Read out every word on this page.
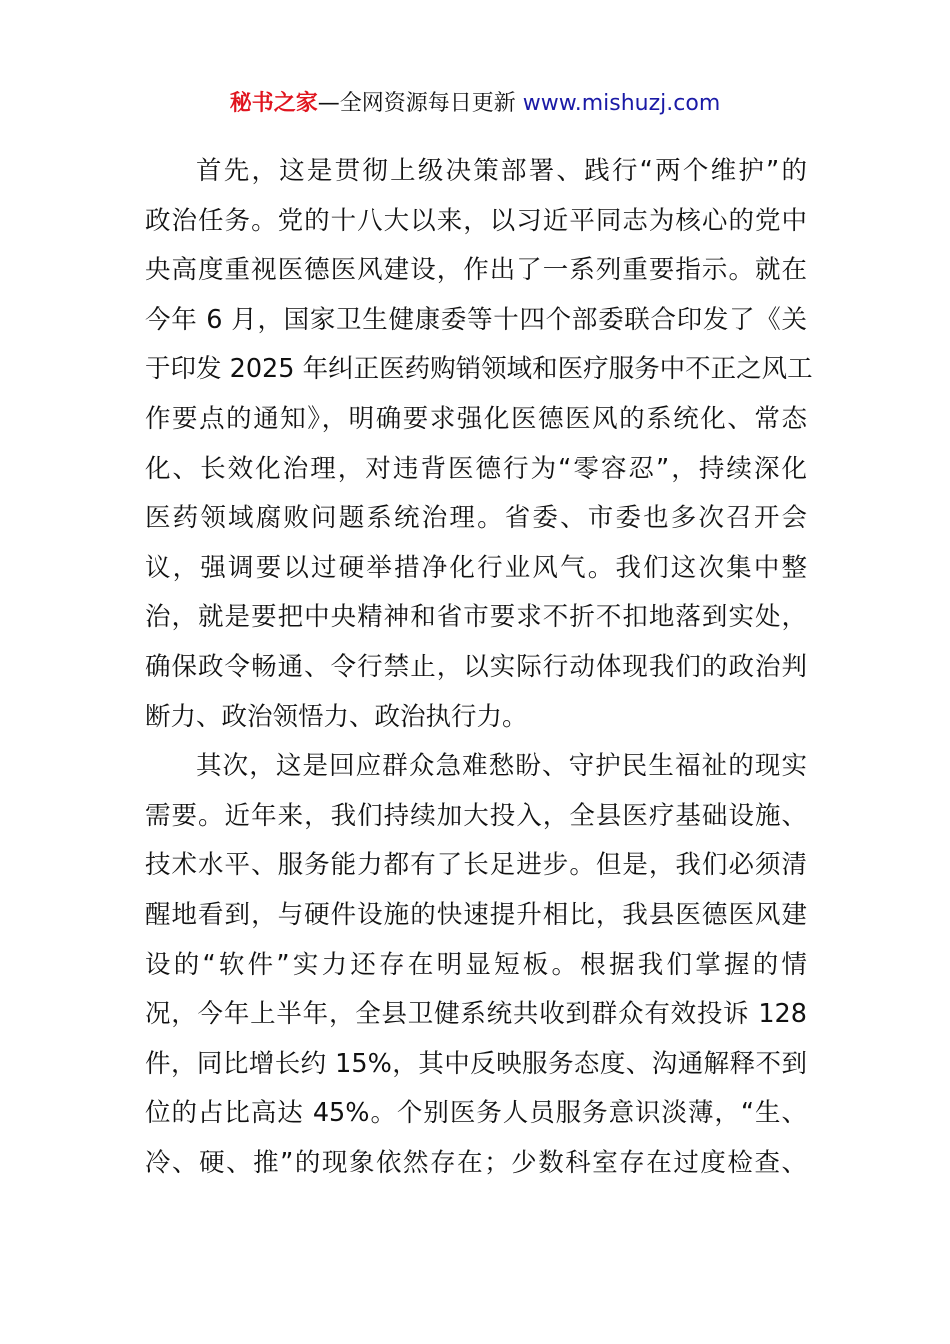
秘书之家—全网资源每日更新 www.mishuzj.com
首先，这是贯彻上级决策部署、践行“两个维护”的
政治任务。党的十八大以来，以习近平同志为核心的党中
央高度重视医德医风建设，作出了一系列重要指示。就在
今年 6 月，国家卫生健康委等十四个部委联合印发了《关
于印发 2025 年纠正医药购销领域和医疗服务中不正之风工
作要点的通知》，明确要求强化医德医风的系统化、常态
化、长效化治理，对违背医德行为“零容忍”，持续深化
医药领域腐败问题系统治理。省委、市委也多次召开会
议，强调要以过硬举措净化行业风气。我们这次集中整
治，就是要把中央精神和省市要求不折不扣地落到实处，
确保政令畅通、令行禁止，以实际行动体现我们的政治判
断力、政治领悟力、政治执行力。
其次，这是回应群众急难愁盼、守护民生福祉的现实
需要。近年来，我们持续加大投入，全县医疗基础设施、
技术水平、服务能力都有了长足进步。但是，我们必须清
醒地看到，与硬件设施的快速提升相比，我县医德医风建
设的“软件”实力还存在明显短板。根据我们掌握的情
况，今年上半年，全县卫健系统共收到群众有效投诉 128
件，同比增长约 15%，其中反映服务态度、沟通解释不到
位的占比高达 45%。个别医务人员服务意识淡薄，“生、
冷、硬、推”的现象依然存在；少数科室存在过度检查、
